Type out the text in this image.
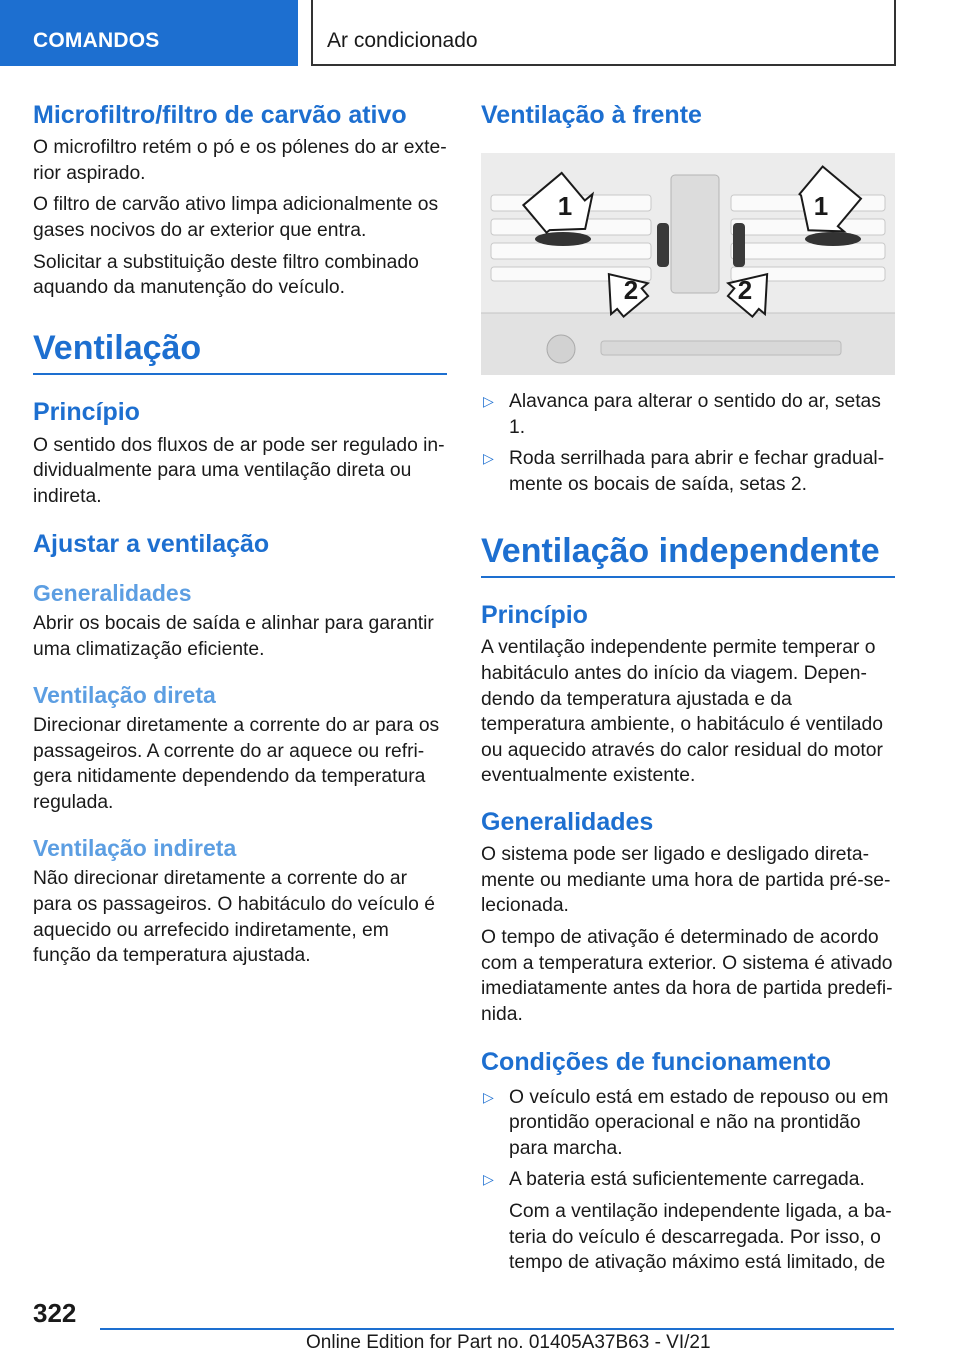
COMANDOS	Ar condicionado
Microfiltro/filtro de carvão ativo

O microfiltro retém o pó e os pólenes do ar exterior aspirado.

O filtro de carvão ativo limpa adicionalmente os gases nocivos do ar exterior que entra.

Solicitar a substituição deste filtro combinado aquando da manutenção do veículo.

Ventilação
Princípio

O sentido dos fluxos de ar pode ser regulado individualmente para uma ventilação direta ou indireta.

Ajustar a ventilação
Generalidades

Abrir os bocais de saída e alinhar para garantir uma climatização eficiente.

Ventilação direta

Direcionar diretamente a corrente do ar para os passageiros. A corrente do ar aquece ou refrigera nitidamente dependendo da temperatura regulada.

Ventilação indireta

Não direcionar diretamente a corrente do ar para os passageiros. O habitáculo do veículo é aquecido ou arrefecido indiretamente, em função da temperatura ajustada.

Ventilação à frente
1	1
2	2
▷ Alavanca para alterar o sentido do ar, setas 1.
▷ Roda serrilhada para abrir e fechar gradualmente os bocais de saída, setas 2.
Ventilação independente
Princípio

A ventilação independente permite temperar o habitáculo antes do início da viagem. Dependendo da temperatura ajustada e da temperatura ambiente, o habitáculo é ventilado ou aquecido através do calor residual do motor eventualmente existente.

Generalidades

O sistema pode ser ligado e desligado diretamente ou mediante uma hora de partida pré-selecionada.

O tempo de ativação é determinado de acordo com a temperatura exterior. O sistema é ativado imediatamente antes da hora de partida predefinida.

Condições de funcionamento
▷ O veículo está em estado de repouso ou em prontidão operacional e não na prontidão para marcha.
▷ A bateria está suficientemente carregada.

Com a ventilação independente ligada, a bateria do veículo é descarregada. Por isso, o tempo de ativação máximo está limitado, de

322
Online Edition for Part no. 01405A37B63 - VI/21
